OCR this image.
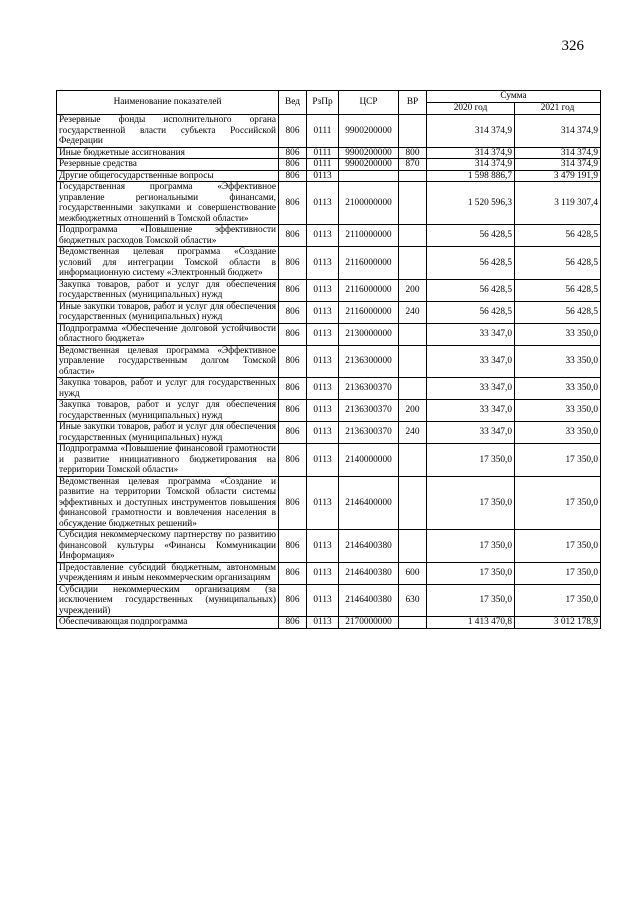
326
Наименование показателей	Вед	РзПр	ЦСР	ВР	Сумма	
					2020 год	2021 год
Резервные фонды исполнительного органа государственной власти субъекта Российской Федерации	806	0111	9900200000		314 374,9	314 374,9
Иные бюджетные ассигнования	806	0111	9900200000	800	314 374,9	314 374,9
Резервные средства	806	0111	9900200000	870	314 374,9	314 374,9
Другие общегосударственные вопросы	806	0113			1 598 886,7	3 479 191,9
Государственная программа «Эффективное управление региональными финансами, государственными закупками и совершенствование межбюджетных отношений в Томской области»	806	0113	2100000000		1 520 596,3	3 119 307,4
Подпрограмма «Повышение эффективности бюджетных расходов Томской области»	806	0113	2110000000		56 428,5	56 428,5
Ведомственная целевая программа «Создание условий для интеграции Томской области в информационную систему «Электронный бюджет»	806	0113	2116000000		56 428,5	56 428,5
Закупка товаров, работ и услуг для обеспечения государственных (муниципальных) нужд	806	0113	2116000000	200	56 428,5	56 428,5
Иные закупки товаров, работ и услуг для обеспечения государственных (муниципальных) нужд	806	0113	2116000000	240	56 428,5	56 428,5
Подпрограмма «Обеспечение долговой устойчивости областного бюджета»	806	0113	2130000000		33 347,0	33 350,0
Ведомственная целевая программа «Эффективное управление государственным долгом Томской области»	806	0113	2136300000		33 347,0	33 350,0
Закупка товаров, работ и услуг для государственных нужд	806	0113	2136300370		33 347,0	33 350,0
Закупка товаров, работ и услуг для обеспечения государственных (муниципальных) нужд	806	0113	2136300370	200	33 347,0	33 350,0
Иные закупки товаров, работ и услуг для обеспечения государственных (муниципальных) нужд	806	0113	2136300370	240	33 347,0	33 350,0
Подпрограмма «Повышение финансовой грамотности и развитие инициативного бюджетирования на территории Томской области»	806	0113	2140000000		17 350,0	17 350,0
Ведомственная целевая программа «Создание и развитие на территории Томской области системы эффективных и доступных инструментов повышения финансовой грамотности и вовлечения населения в обсуждение бюджетных решений»	806	0113	2146400000		17 350,0	17 350,0
Субсидия некоммерческому партнерству по развитию финансовой культуры «Финансы Коммуникации Информация»	806	0113	2146400380		17 350,0	17 350,0
Предоставление субсидий бюджетным, автономным учреждениям и иным некоммерческим организациям	806	0113	2146400380	600	17 350,0	17 350,0
Субсидии некоммерческим организациям (за исключением государственных (муниципальных) учреждений)	806	0113	2146400380	630	17 350,0	17 350,0
Обеспечивающая подпрограмма	806	0113	2170000000		1 413 470,8	3 012 178,9
